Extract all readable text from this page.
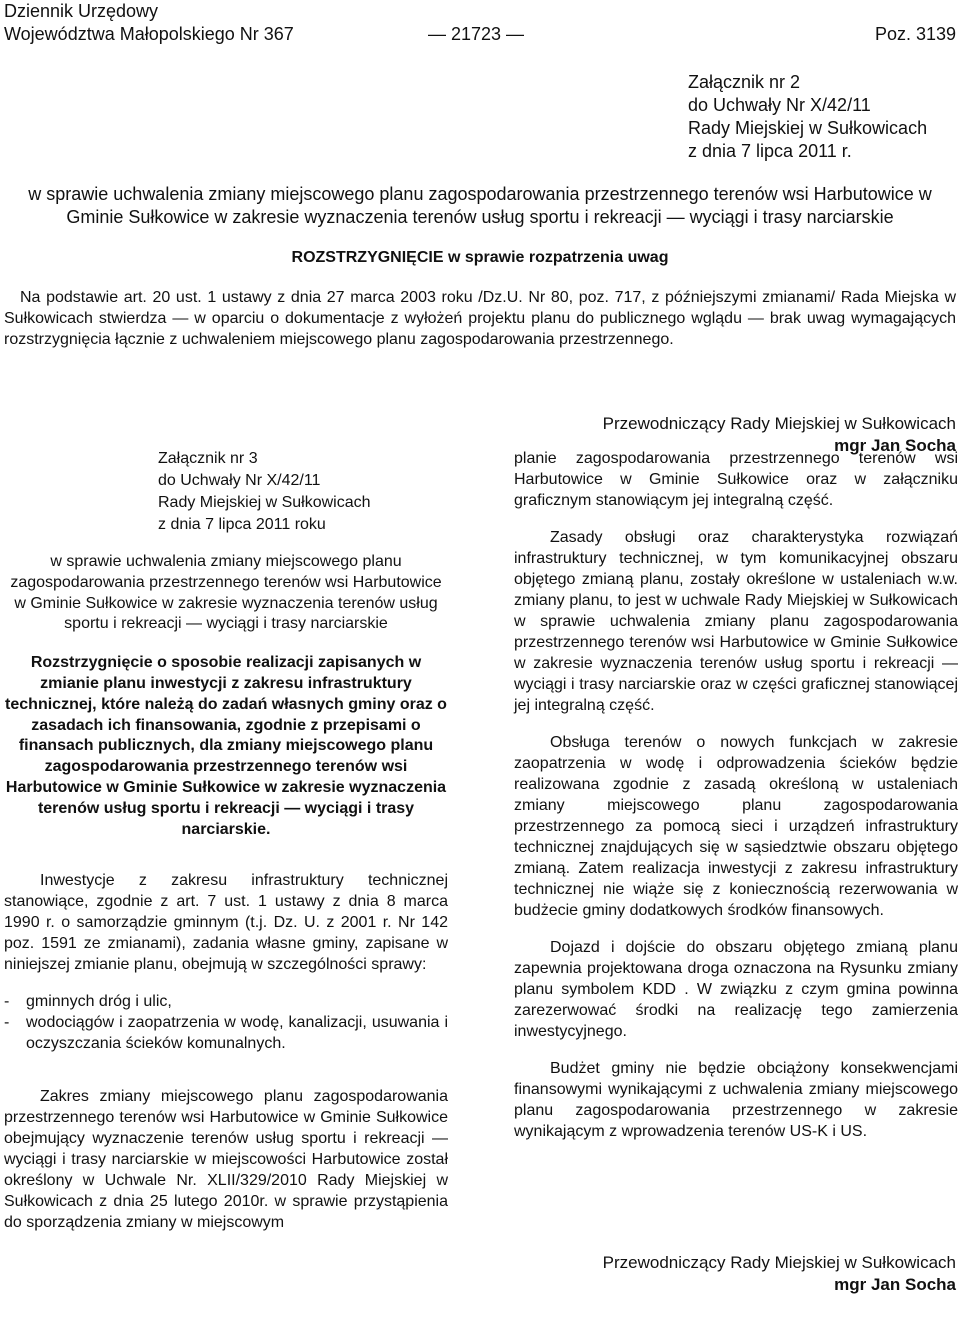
Dziennik Urzędowy
Województwa Małopolskiego Nr 367	— 21723 —	Poz. 3139
Załącznik nr 2
do Uchwały Nr X/42/11
Rady Miejskiej w Sułkowicach
z dnia 7 lipca 2011 r.
w sprawie uchwalenia zmiany miejscowego planu zagospodarowania przestrzennego terenów wsi Harbutowice w Gminie Sułkowice w zakresie wyznaczenia terenów usług sportu i rekreacji — wyciągi i trasy narciarskie
ROZSTRZYGNIĘCIE w sprawie rozpatrzenia uwag
Na podstawie art. 20 ust. 1 ustawy z dnia 27 marca 2003 roku /Dz.U. Nr 80, poz. 717, z późniejszymi zmianami/ Rada Miejska w Sułkowicach stwierdza — w oparciu o dokumentacje z wyłożeń projektu planu do publicznego wglądu — brak uwag wymagających rozstrzygnięcia łącznie z uchwaleniem miejscowego planu zagospodarowania przestrzennego.
Przewodniczący Rady Miejskiej w Sułkowicach
mgr Jan Socha
Załącznik nr 3
do Uchwały Nr X/42/11
Rady Miejskiej w Sułkowicach
z dnia 7 lipca 2011 roku
w sprawie uchwalenia zmiany miejscowego planu zagospodarowania przestrzennego terenów wsi Harbutowice w Gminie Sułkowice w zakresie wyznaczenia terenów usług sportu i rekreacji — wyciągi i trasy narciarskie
Rozstrzygnięcie o sposobie realizacji zapisanych w zmianie planu inwestycji z zakresu infrastruktury technicznej, które należą do zadań własnych gminy oraz o zasadach ich finansowania, zgodnie z przepisami o finansach publicznych, dla zmiany miejscowego planu zagospodarowania przestrzennego terenów wsi Harbutowice w Gminie Sułkowice w zakresie wyznaczenia terenów usług sportu i rekreacji — wyciągi i trasy narciarskie.

Inwestycje z zakresu infrastruktury technicznej stanowiące, zgodnie z art. 7 ust. 1 ustawy z dnia 8 marca 1990 r. o samorządzie gminnym (t.j. Dz. U. z 2001 r. Nr 142 poz. 1591 ze zmianami), zadania własne gminy, zapisane w niniejszej zmianie planu, obejmują w szczególności sprawy:

- gminnych dróg i ulic,
- wodociągów i zaopatrzenia w wodę, kanalizacji, usuwania i oczyszczania ścieków komunalnych.

Zakres zmiany miejscowego planu zagospodarowania przestrzennego terenów wsi Harbutowice w Gminie Sułkowice obejmujący wyznaczenie terenów usług sportu i rekreacji — wyciągi i trasy narciarskie w miejscowości Harbutowice został określony w Uchwale Nr. XLII/329/2010 Rady Miejskiej w Sułkowicach z dnia 25 lutego 2010r. w sprawie przystąpienia do sporządzenia zmiany w miejscowym

planie zagospodarowania przestrzennego terenów wsi Harbutowice w Gminie Sułkowice oraz w załączniku graficznym stanowiącym jej integralną część.

Zasady obsługi oraz charakterystyka rozwiązań infrastruktury technicznej, w tym komunikacyjnej obszaru objętego zmianą planu, zostały określone w ustaleniach w.w. zmiany planu, to jest w uchwale Rady Miejskiej w Sułkowicach w sprawie uchwalenia zmiany planu zagospodarowania przestrzennego terenów wsi Harbutowice w Gminie Sułkowice w zakresie wyznaczenia terenów usług sportu i rekreacji — wyciągi i trasy narciarskie oraz w części graficznej stanowiącej jej integralną część.

Obsługa terenów o nowych funkcjach w zakresie zaopatrzenia w wodę i odprowadzenia ścieków będzie realizowana zgodnie z zasadą określoną w ustaleniach zmiany miejscowego planu zagospodarowania przestrzennego za pomocą sieci i urządzeń infrastruktury technicznej znajdujących się w sąsiedztwie obszaru objętego zmianą. Zatem realizacja inwestycji z zakresu infrastruktury technicznej nie wiąże się z koniecznością rezerwowania w budżecie gminy dodatkowych środków finansowych.

Dojazd i dojście do obszaru objętego zmianą planu zapewnia projektowana droga oznaczona na Rysunku zmiany planu symbolem KDD . W związku z czym gmina powinna zarezerwować środki na realizację tego zamierzenia inwestycyjnego.

Budżet gminy nie będzie obciążony konsekwencjami finansowymi wynikającymi z uchwalenia zmiany miejscowego planu zagospodarowania przestrzennego w zakresie wynikającym z wprowadzenia terenów US-K i US.

Przewodniczący Rady Miejskiej w Sułkowicach
mgr Jan Socha
